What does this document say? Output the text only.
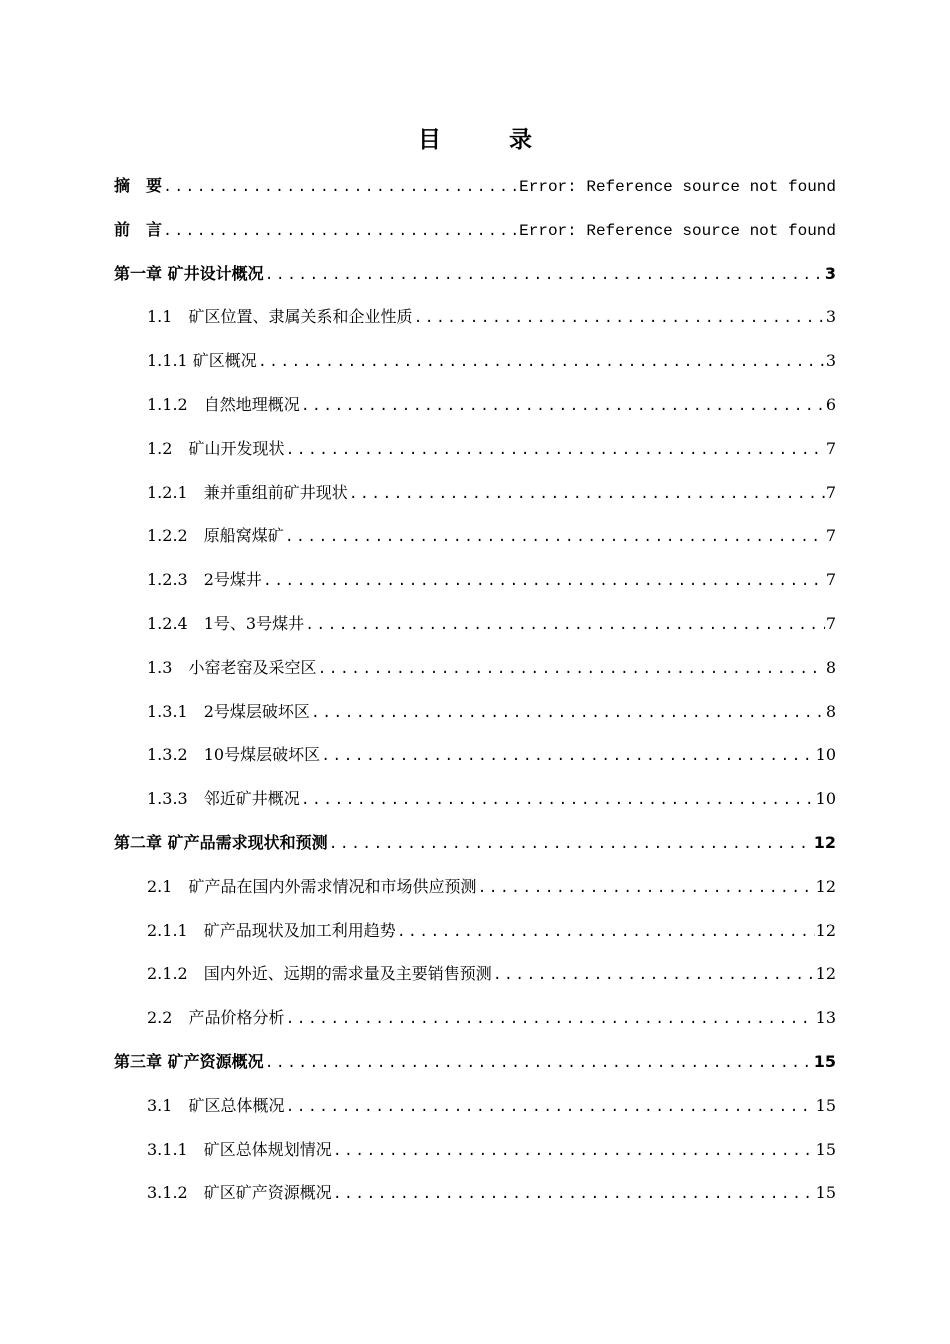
目 录
摘　要 .....	Error: Reference source not found
前　言 .....	Error: Reference source not found
第一章 矿井设计概况 .....	3
1.1　矿区位置、隶属关系和企业性质 .....	3
1.1.1 矿区概况 .....	3
1.1.2　自然地理概况 .....	6
1.2　矿山开发现状 .....	7
1.2.1　兼并重组前矿井现状 .....	7
1.2.2　原船窝煤矿 .....	7
1.2.3　2号煤井 .....	7
1.2.4　1号、3号煤井 .....	7
1.3　小窑老窑及采空区 .....	8
1.3.1　2号煤层破坏区 .....	8
1.3.2　10号煤层破坏区 .....	10
1.3.3　邻近矿井概况 .....	10
第二章 矿产品需求现状和预测 .....	12
2.1　矿产品在国内外需求情况和市场供应预测 .....	12
2.1.1　矿产品现状及加工利用趋势 .....	12
2.1.2　国内外近、远期的需求量及主要销售预测 .....	12
2.2　产品价格分析 .....	13
第三章 矿产资源概况 .....	15
3.1　矿区总体概况 .....	15
3.1.1　矿区总体规划情况 .....	15
3.1.2　矿区矿产资源概况 .....	15
